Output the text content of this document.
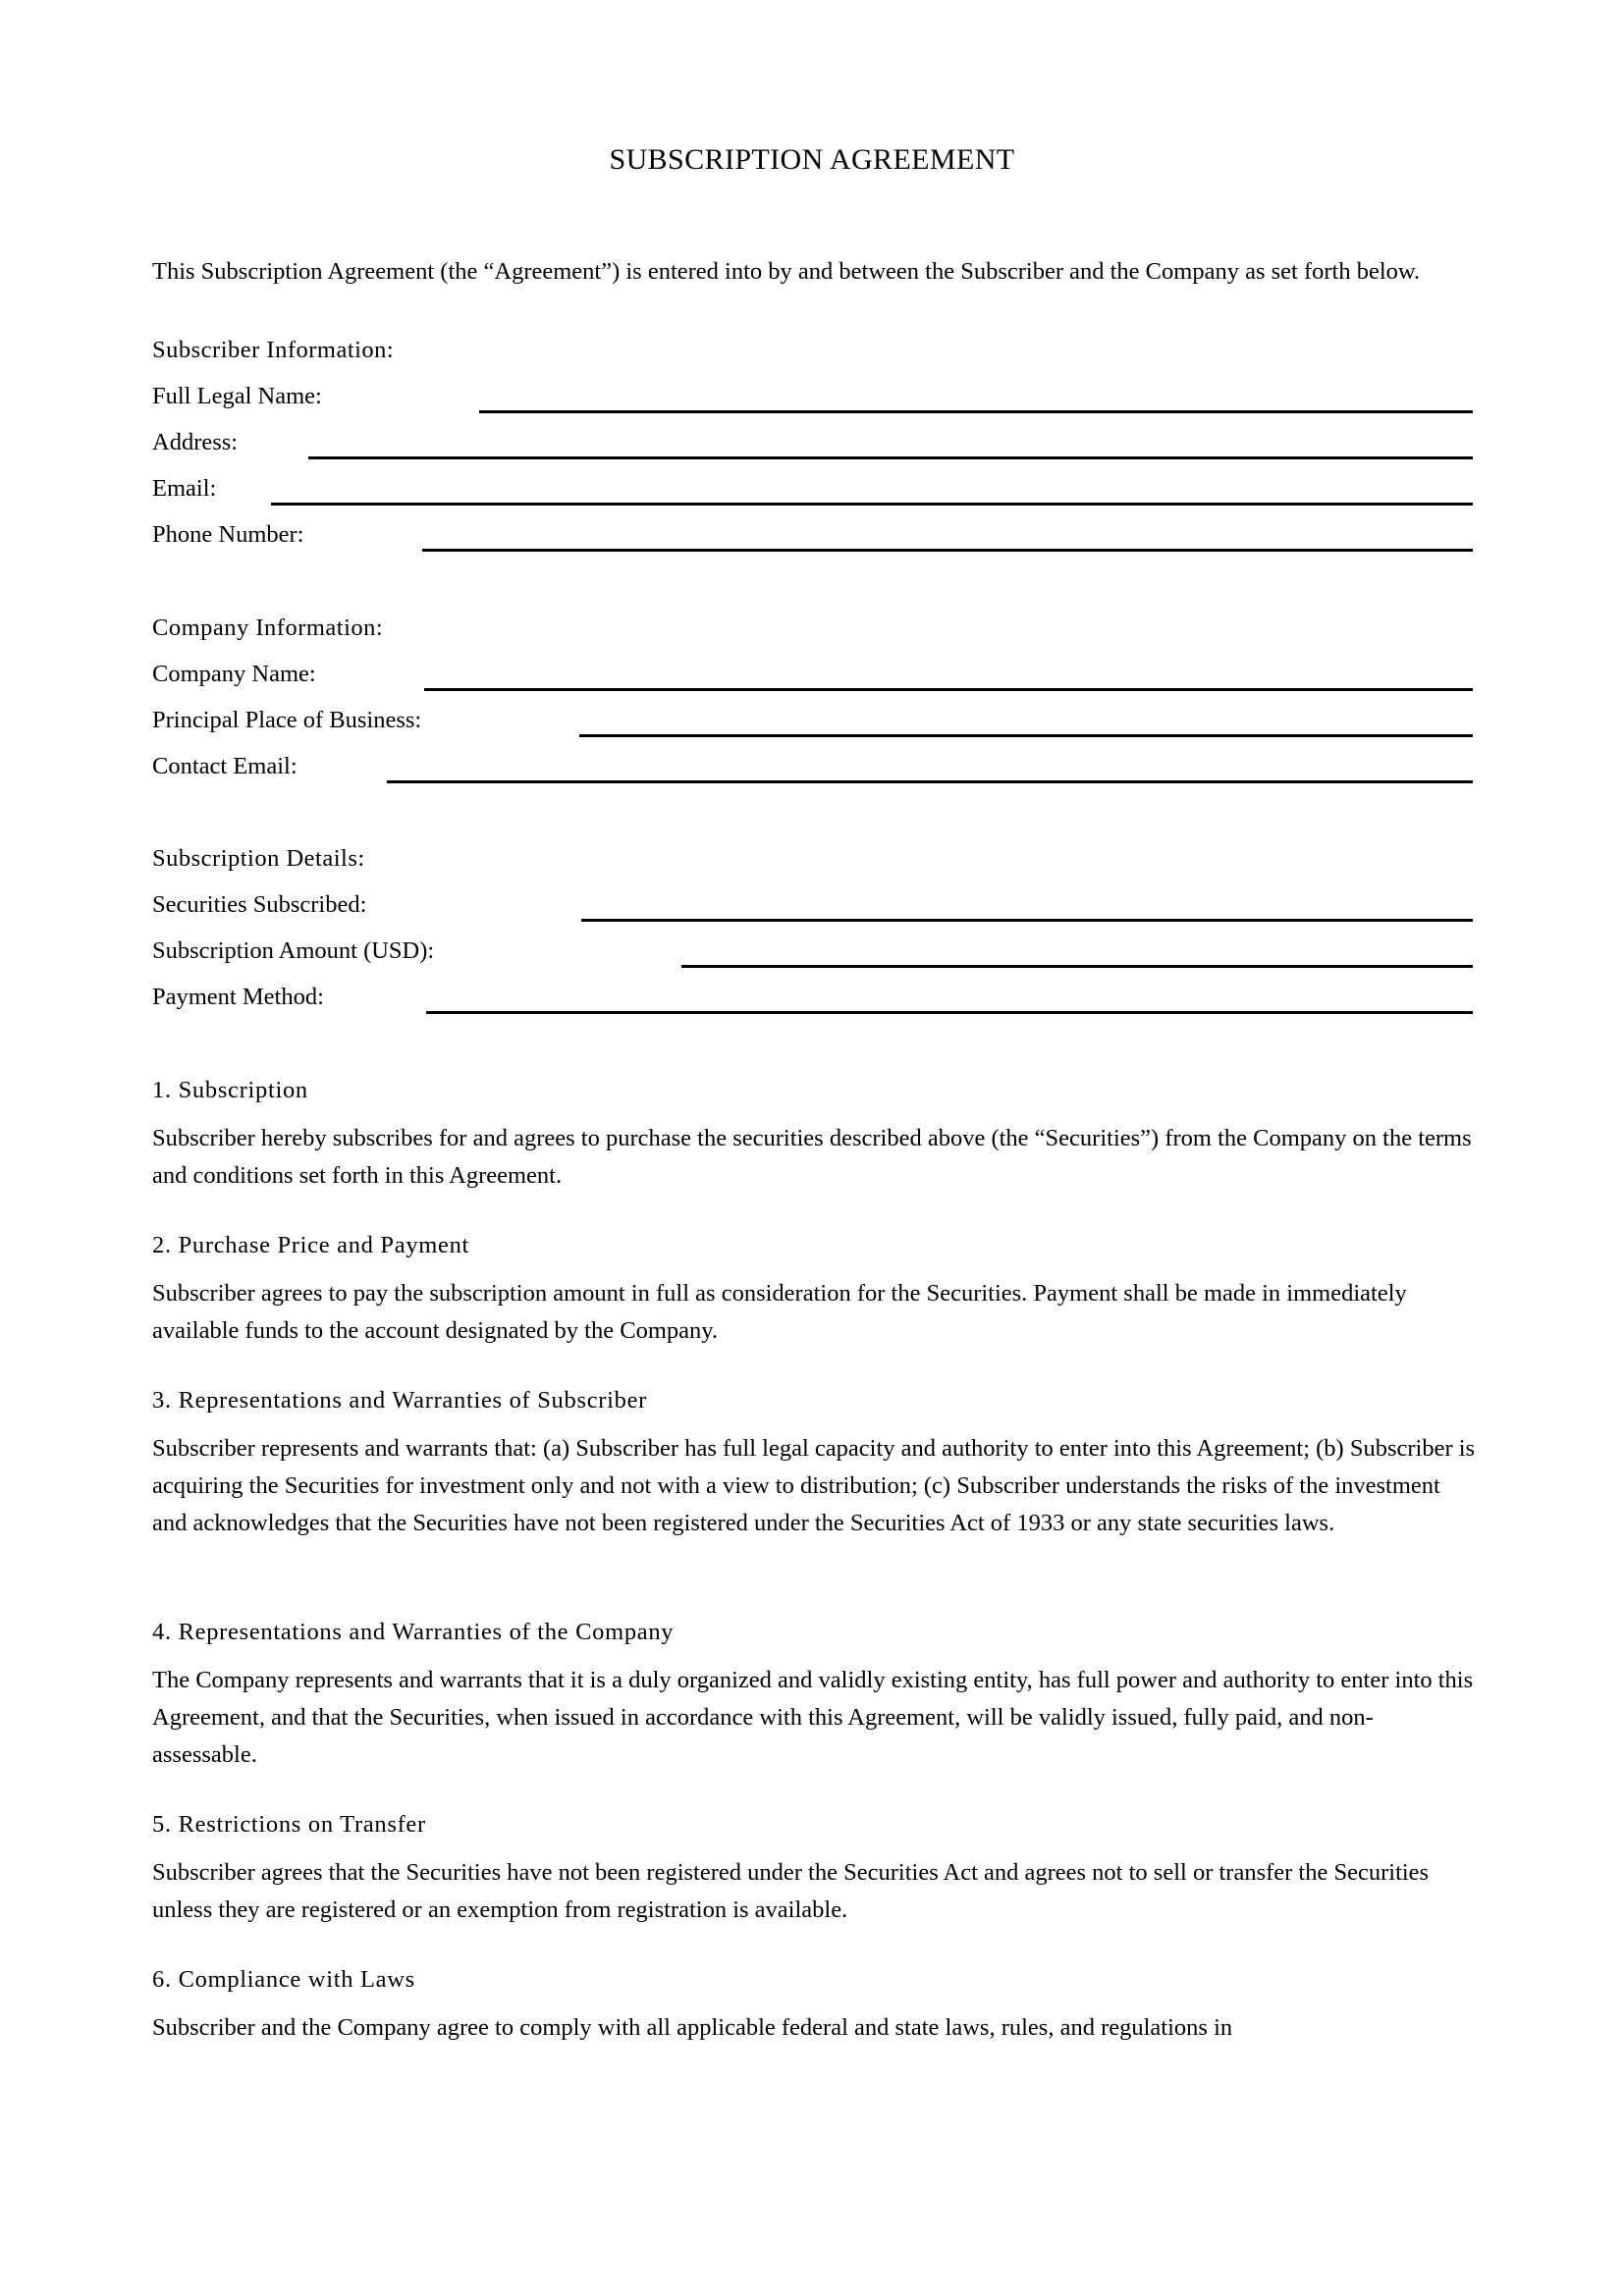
SUBSCRIPTION AGREEMENT

This Subscription Agreement (the “Agreement”) is entered into by and between the Subscriber and the Company as set forth below.

Subscriber Information:
Full Legal Name:
Address:
Email:
Phone Number:
Company Information:
Company Name:
Principal Place of Business:
Contact Email:
Subscription Details:
Securities Subscribed:
Subscription Amount (USD):
Payment Method:
1. Subscription

Subscriber hereby subscribes for and agrees to purchase the securities described above (the “Securities”) from the Company on the terms and conditions set forth in this Agreement.

2. Purchase Price and Payment

Subscriber agrees to pay the subscription amount in full as consideration for the Securities. Payment shall be made in immediately available funds to the account designated by the Company.

3. Representations and Warranties of Subscriber

Subscriber represents and warrants that: (a) Subscriber has full legal capacity and authority to enter into this Agreement; (b) Subscriber is acquiring the Securities for investment only and not with a view to distribution; (c) Subscriber understands the risks of the investment and acknowledges that the Securities have not been registered under the Securities Act of 1933 or any state securities laws.

4. Representations and Warranties of the Company

The Company represents and warrants that it is a duly organized and validly existing entity, has full power and authority to enter into this Agreement, and that the Securities, when issued in accordance with this Agreement, will be validly issued, fully paid, and non-assessable.

5. Restrictions on Transfer

Subscriber agrees that the Securities have not been registered under the Securities Act and agrees not to sell or transfer the Securities unless they are registered or an exemption from registration is available.

6. Compliance with Laws

Subscriber and the Company agree to comply with all applicable federal and state laws, rules, and regulations in
